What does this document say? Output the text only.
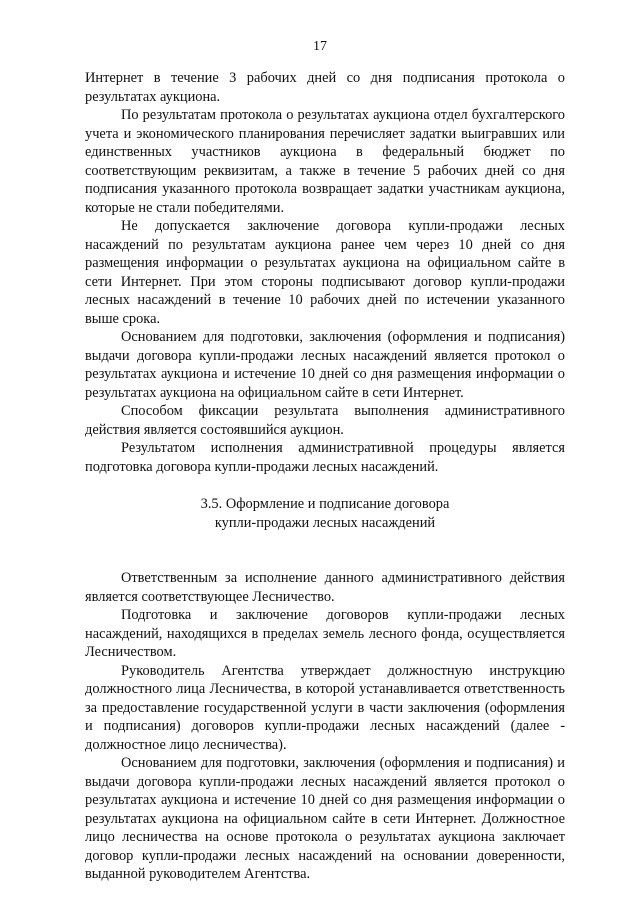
17

Интернет в течение 3 рабочих дней со дня подписания протокола о результатах аукциона.

По результатам протокола о результатах аукциона отдел бухгалтерского учета и экономического планирования перечисляет задатки выигравших или единственных участников аукциона в федеральный бюджет по соответствующим реквизитам, а также в течение 5 рабочих дней со дня подписания указанного протокола возвращает задатки участникам аукциона, которые не стали победителями.

Не допускается заключение договора купли-продажи лесных насаждений по результатам аукциона ранее чем через 10 дней со дня размещения информации о результатах аукциона на официальном сайте в сети Интернет. При этом стороны подписывают договор купли-продажи лесных насаждений в течение 10 рабочих дней по истечении указанного выше срока.

Основанием для подготовки, заключения (оформления и подписания) выдачи договора купли-продажи лесных насаждений является протокол о результатах аукциона и истечение 10 дней со дня размещения информации о результатах аукциона на официальном сайте в сети Интернет.

Способом фиксации результата выполнения административного действия является состоявшийся аукцион.

Результатом исполнения административной процедуры является подготовка договора купли-продажи лесных насаждений.

3.5. Оформление и подписание договора
купли-продажи лесных насаждений

Ответственным за исполнение данного административного действия является соответствующее Лесничество.

Подготовка и заключение договоров купли-продажи лесных насаждений, находящихся в пределах земель лесного фонда, осуществляется Лесничеством.

Руководитель Агентства утверждает должностную инструкцию должностного лица Лесничества, в которой устанавливается ответственность за предоставление государственной услуги в части заключения (оформления и подписания) договоров купли-продажи лесных насаждений (далее - должностное лицо лесничества).

Основанием для подготовки, заключения (оформления и подписания) и выдачи договора купли-продажи лесных насаждений является протокол о результатах аукциона и истечение 10 дней со дня размещения информации о результатах аукциона на официальном сайте в сети Интернет. Должностное лицо лесничества на основе протокола о результатах аукциона заключает договор купли-продажи лесных насаждений на основании доверенности, выданной руководителем Агентства.
